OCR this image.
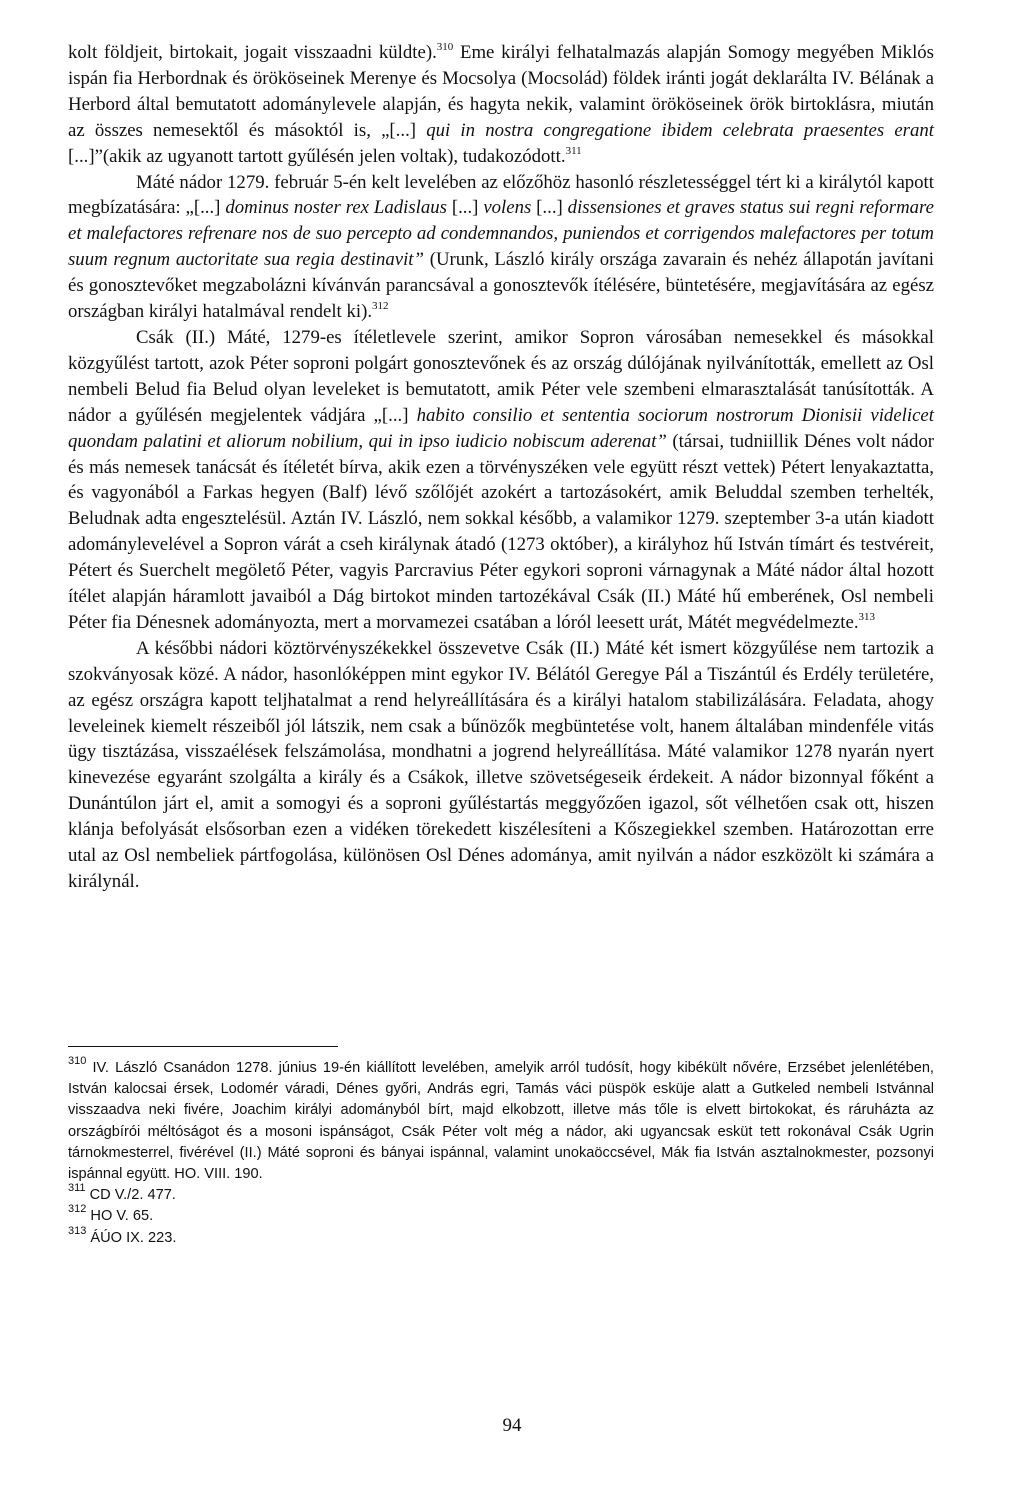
kolt földjeit, birtokait, jogait visszaadni küldte).$^{310}$ Eme királyi felhatalmazás alapján Somogy megyében Miklós ispán fia Herbordnak és örököseinek Merenye és Mocsolya (Mocsolád) földek iránti jogát deklarálta IV. Bélának a Herbord által bemutatott adománylevele alapján, és hagyta nekik, valamint örököseinek örök birtoklásra, miután az összes nemesektől és másoktól is, „[...] qui in nostra congregatione ibidem celebrata praesentes erant [...]”(akik az ugyanott tartott gyűlésén jelen voltak), tudakozódott.$^{311}$

Máté nádor 1279. február 5-én kelt levelében az előzőhöz hasonló részletességgel tért ki a királytól kapott megbízatására: „[...] dominus noster rex Ladislaus [...] volens [...] dissensiones et graves status sui regni reformare et malefactores refrenare nos de suo percepto ad condemnandos, puniendos et corrigendos malefactores per totum suum regnum auctoritate sua regia destinavit” (Urunk, László király országa zavarain és nehéz állapotán javítani és gonosztevőket megzabolázni kívánván parancsával a gonosztevők ítélésére, büntetésére, megjavítására az egész országban királyi hatalmával rendelt ki).$^{312}$

Csák (II.) Máté, 1279-es ítéletlevele szerint, amikor Sopron városában nemesekkel és másokkal közgyűlést tartott, azok Péter soproni polgárt gonosztevőnek és az ország dúlójának nyilvánították, emellett az Osl nembeli Belud fia Belud olyan leveleket is bemutatott, amik Péter vele szembeni elmarasztalását tanúsították. A nádor a gyűlésén megjelentek vádjára „[...] habito consilio et sententia sociorum nostrorum Dionisii videlicet quondam palatini et aliorum nobilium, qui in ipso iudicio nobiscum aderenat” (társai, tudniillik Dénes volt nádor és más nemesek tanácsát és ítéletét bírva, akik ezen a törvényszéken vele együtt részt vettek) Pétert lenyakaztatta, és vagyonából a Farkas hegyen (Balf) lévő szőlőjét azokért a tartozásokért, amik Beluddal szemben terhelték, Beludnak adta engesztelésül. Aztán IV. László, nem sokkal később, a valamikor 1279. szeptember 3-a után kiadott adománylevelével a Sopron várát a cseh királynak átadó (1273 október), a királyhoz hű István tímárt és testvéreit, Pétert és Suerchelt megölető Péter, vagyis Parcravius Péter egykori soproni várnagynak a Máté nádor által hozott ítélet alapján háramlott javaiból a Dág birtokot minden tartozékával Csák (II.) Máté hű emberének, Osl nembeli Péter fia Dénesnek adományozta, mert a morvamezei csatában a lóról leesett urát, Mátét megvédelmezte.$^{313}$

A későbbi nádori köztörvényszékekkel összevetve Csák (II.) Máté két ismert közgyűlése nem tartozik a szokványosak közé. A nádor, hasonlóképpen mint egykor IV. Bélától Geregye Pál a Tiszántúl és Erdély területére, az egész országra kapott teljhatalmat a rend helyreállítására és a királyi hatalom stabilizálására. Feladata, ahogy leveleinek kiemelt részeiből jól látszik, nem csak a bűnözők megbüntetése volt, hanem általában mindenféle vitás ügy tisztázása, visszaélések felszámolása, mondhatni a jogrend helyreállítása. Máté valamikor 1278 nyarán nyert kinevezése egyaránt szolgálta a király és a Csákok, illetve szövetségeseik érdekeit. A nádor bizonnyal főként a Dunántúlon járt el, amit a somogyi és a soproni gyűléstartás meggyőzően igazol, sőt vélhetően csak ott, hiszen klánja befolyását elsősorban ezen a vidéken törekedett kiszélesíteni a Kőszegiekkel szemben. Határozottan erre utal az Osl nembeliek pártfogolása, különösen Osl Dénes adománya, amit nyilván a nádor eszközölt ki számára a királynál.

$^{310}$ IV. László Csanádon 1278. június 19-én kiállított levelében, amelyik arról tudósít, hogy kibékült nővére, Erzsébet jelenlétében, István kalocsai érsek, Lodomér váradi, Dénes győri, András egri, Tamás váci püspök esküje alatt a Gutkeled nembeli Istvánnal visszaadva neki fivére, Joachim királyi adományból bírt, majd elkobzott, illetve más tőle is elvett birtokokat, és ráruházta az országbírói méltóságot és a mosoni ispánságot, Csák Péter volt még a nádor, aki ugyancsak esküt tett rokonával Csák Ugrin tárnokmesterrel, fivérével (II.) Máté soproni és bányai ispánnal, valamint unokaöccsével, Mák fia István asztalnokmester, pozsonyi ispánnal együtt. HO. VIII. 190.

$^{311}$ CD V./2. 477.

$^{312}$ HO V. 65.

$^{313}$ ÁÚO IX. 223.

94
